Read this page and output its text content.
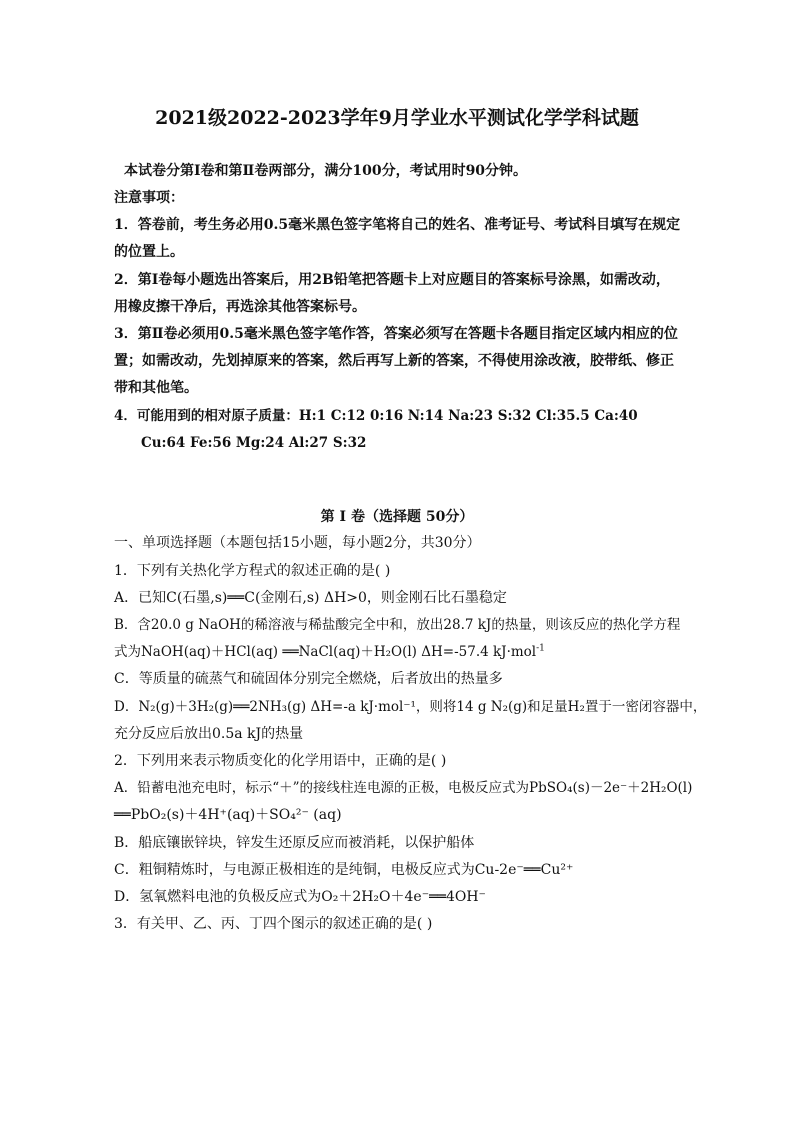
2021级2022-2023学年9月学业水平测试化学学科试题
本试卷分第Ⅰ卷和第Ⅱ卷两部分，满分100分，考试用时90分钟。
注意事项：
1．答卷前，考生务必用0.5毫米黑色签字笔将自己的姓名、准考证号、考试科目填写在规定
的位置上。
2．第Ⅰ卷每小题选出答案后，用2B铅笔把答题卡上对应题目的答案标号涂黑，如需改动，
用橡皮擦干净后，再选涂其他答案标号。
3．第Ⅱ卷必须用0.5毫米黑色签字笔作答，答案必须写在答题卡各题目指定区域内相应的位
置；如需改动，先划掉原来的答案，然后再写上新的答案，不得使用涂改液，胶带纸、修正
带和其他笔。
4．可能用到的相对原子质量：H:1 C:12 0:16 N:14 Na:23 S:32 Cl:35.5 Ca:40
Cu:64 Fe:56 Mg:24 Al:27 S:32
第 Ⅰ 卷（选择题 50分）
一、单项选择题（本题包括15小题，每小题2分，共30分）
1．下列有关热化学方程式的叙述正确的是( )
A．已知C(石墨,s)══C(金刚石,s) ΔH>0，则金刚石比石墨稳定
B．含20.0 g NaOH的稀溶液与稀盐酸完全中和，放出28.7 kJ的热量，则该反应的热化学方程
式为NaOH(aq)＋HCl(aq) ══NaCl(aq)＋H₂O(l) ΔH=-57.4 kJ·mol$^{-1}$
C．等质量的硫蒸气和硫固体分别完全燃烧，后者放出的热量多
D．N₂(g)＋3H₂(g)══2NH₃(g) ΔH=-a kJ·mol⁻¹，则将14 g N₂(g)和足量H₂置于一密闭容器中，
充分反应后放出0.5a kJ的热量
2．下列用来表示物质变化的化学用语中，正确的是( )
A．铅蓄电池充电时，标示“＋”的接线柱连电源的正极，电极反应式为PbSO₄(s)－2e⁻＋2H₂O(l)
══PbO₂(s)＋4H⁺(aq)＋SO₄²⁻ (aq)
B．船底镶嵌锌块，锌发生还原反应而被消耗，以保护船体
C．粗铜精炼时，与电源正极相连的是纯铜，电极反应式为Cu-2e⁻══Cu²⁺
D．氢氧燃料电池的负极反应式为O₂＋2H₂O＋4e⁻══4OH⁻
3．有关甲、乙、丙、丁四个图示的叙述正确的是( )
